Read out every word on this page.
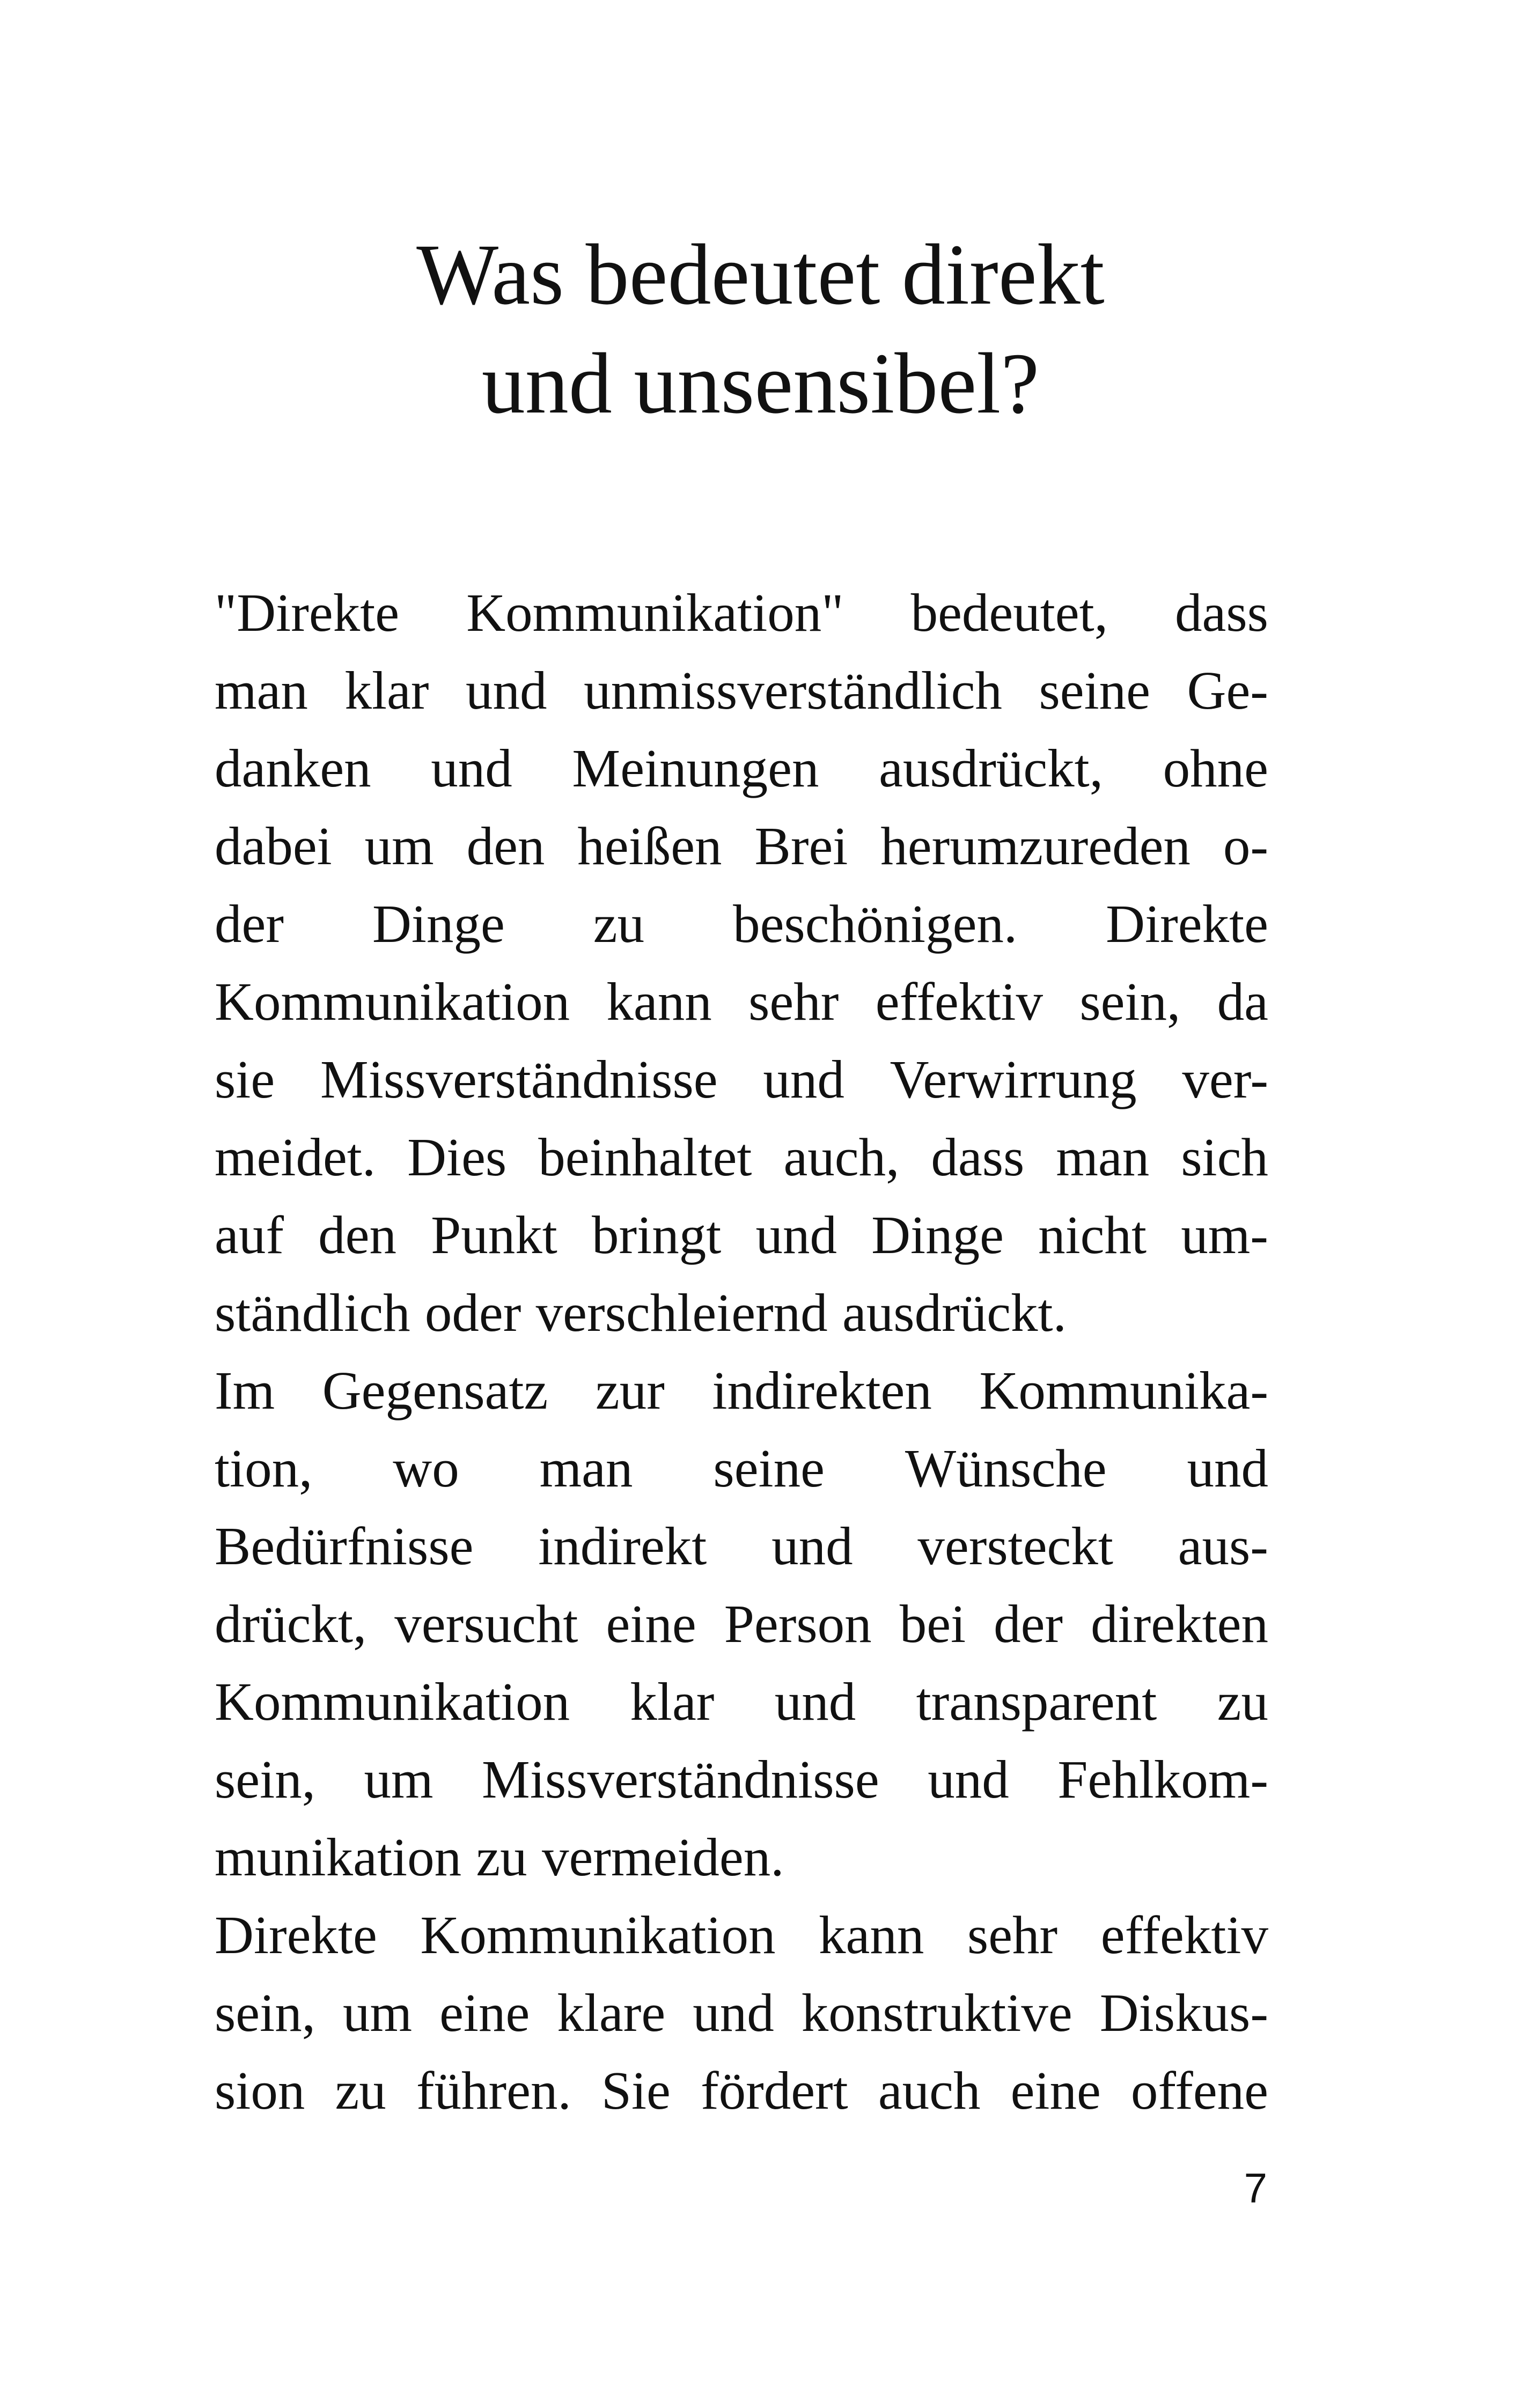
Was bedeutet direkt
und unsensibel?
"Direkte Kommunikation" bedeutet, dass
man klar und unmissverständlich seine Ge-
danken und Meinungen ausdrückt, ohne
dabei um den heißen Brei herumzureden o-
der Dinge zu beschönigen. Direkte
Kommunikation kann sehr effektiv sein, da
sie Missverständnisse und Verwirrung ver-
meidet. Dies beinhaltet auch, dass man sich
auf den Punkt bringt und Dinge nicht um-
ständlich oder verschleiernd ausdrückt.
Im Gegensatz zur indirekten Kommunika-
tion, wo man seine Wünsche und
Bedürfnisse indirekt und versteckt aus-
drückt, versucht eine Person bei der direkten
Kommunikation klar und transparent zu
sein, um Missverständnisse und Fehlkom-
munikation zu vermeiden.
Direkte Kommunikation kann sehr effektiv
sein, um eine klare und konstruktive Diskus-
sion zu führen. Sie fördert auch eine offene
7
